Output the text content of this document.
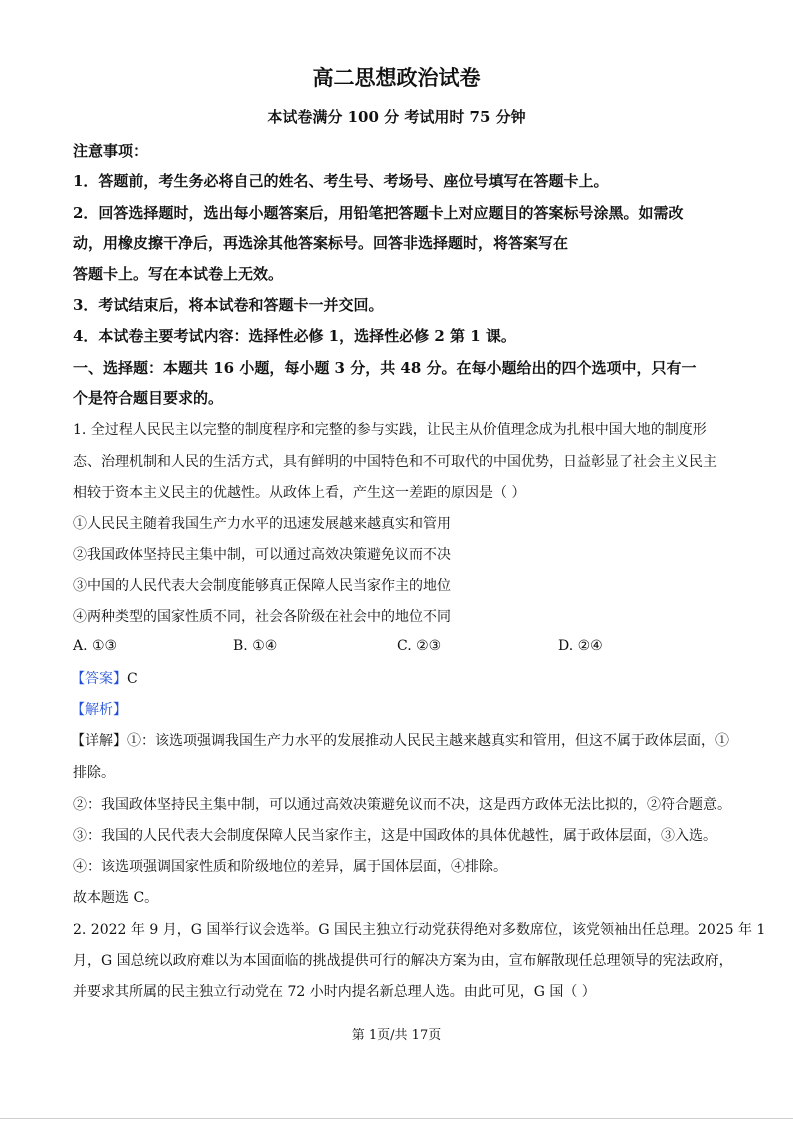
高二思想政治试卷
本试卷满分 100 分 考试用时 75 分钟
注意事项：
1．答题前，考生务必将自己的姓名、考生号、考场号、座位号填写在答题卡上。
2．回答选择题时，选出每小题答案后，用铅笔把答题卡上对应题目的答案标号涂黑。如需改
动，用橡皮擦干净后，再选涂其他答案标号。回答非选择题时，将答案写在
答题卡上。写在本试卷上无效。
3．考试结束后，将本试卷和答题卡一并交回。
4．本试卷主要考试内容：选择性必修 1，选择性必修 2 第 1 课。
一、选择题：本题共 16 小题，每小题 3 分，共 48 分。在每小题给出的四个选项中，只有一
个是符合题目要求的。
1. 全过程人民民主以完整的制度程序和完整的参与实践，让民主从价值理念成为扎根中国大地的制度形
态、治理机制和人民的生活方式，具有鲜明的中国特色和不可取代的中国优势，日益彰显了社会主义民主
相较于资本主义民主的优越性。从政体上看，产生这一差距的原因是（ ）
①人民民主随着我国生产力水平的迅速发展越来越真实和管用
②我国政体坚持民主集中制，可以通过高效决策避免议而不决
③中国的人民代表大会制度能够真正保障人民当家作主的地位
④两种类型的国家性质不同，社会各阶级在社会中的地位不同
A. ①③	B. ①④	C. ②③	D. ②④
【答案】C
【解析】
【详解】①：该选项强调我国生产力水平的发展推动人民民主越来越真实和管用，但这不属于政体层面，①
排除。
②：我国政体坚持民主集中制，可以通过高效决策避免议而不决，这是西方政体无法比拟的，②符合题意。
③：我国的人民代表大会制度保障人民当家作主，这是中国政体的具体优越性，属于政体层面，③入选。
④：该选项强调国家性质和阶级地位的差异，属于国体层面，④排除。
故本题选 C。
2. 2022 年 9 月，G 国举行议会选举。G 国民主独立行动党获得绝对多数席位，该党领袖出任总理。2025 年 1
月，G 国总统以政府难以为本国面临的挑战提供可行的解决方案为由，宣布解散现任总理领导的宪法政府，
并要求其所属的民主独立行动党在 72 小时内提名新总理人选。由此可见，G 国（ ）
第 1页/共 17页
